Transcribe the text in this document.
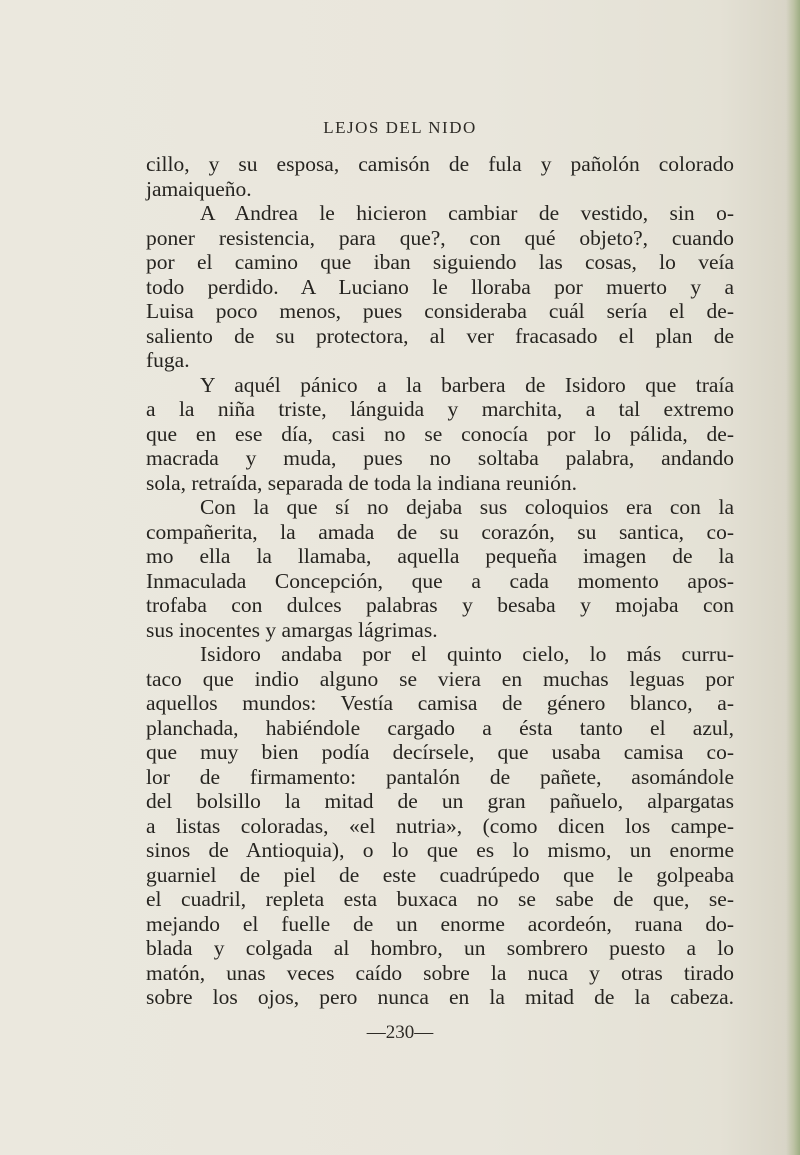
LEJOS DEL NIDO
cillo, y su esposa, camisón de fula y pañolón colorado
jamaiqueño.
A Andrea le hicieron cambiar de vestido, sin o-
poner resistencia, para que?, con qué objeto?, cuando
por el camino que iban siguiendo las cosas, lo veía
todo perdido. A Luciano le lloraba por muerto y a
Luisa poco menos, pues consideraba cuál sería el de-
saliento de su protectora, al ver fracasado el plan de
fuga.
Y aquél pánico a la barbera de Isidoro que traía
a la niña triste, lánguida y marchita, a tal extremo
que en ese día, casi no se conocía por lo pálida, de-
macrada y muda, pues no soltaba palabra, andando
sola, retraída, separada de toda la indiana reunión.
Con la que sí no dejaba sus coloquios era con la
compañerita, la amada de su corazón, su santica, co-
mo ella la llamaba, aquella pequeña imagen de la
Inmaculada Concepción, que a cada momento apos-
trofaba con dulces palabras y besaba y mojaba con
sus inocentes y amargas lágrimas.
Isidoro andaba por el quinto cielo, lo más curru-
taco que indio alguno se viera en muchas leguas por
aquellos mundos: Vestía camisa de género blanco, a-
planchada, habiéndole cargado a ésta tanto el azul,
que muy bien podía decírsele, que usaba camisa co-
lor de firmamento: pantalón de pañete, asomándole
del bolsillo la mitad de un gran pañuelo, alpargatas
a listas coloradas, «el nutria», (como dicen los campe-
sinos de Antioquia), o lo que es lo mismo, un enorme
guarniel de piel de este cuadrúpedo que le golpeaba
el cuadril, repleta esta buxaca no se sabe de que, se-
mejando el fuelle de un enorme acordeón, ruana do-
blada y colgada al hombro, un sombrero puesto a lo
matón, unas veces caído sobre la nuca y otras tirado
sobre los ojos, pero nunca en la mitad de la cabeza.
—230—
